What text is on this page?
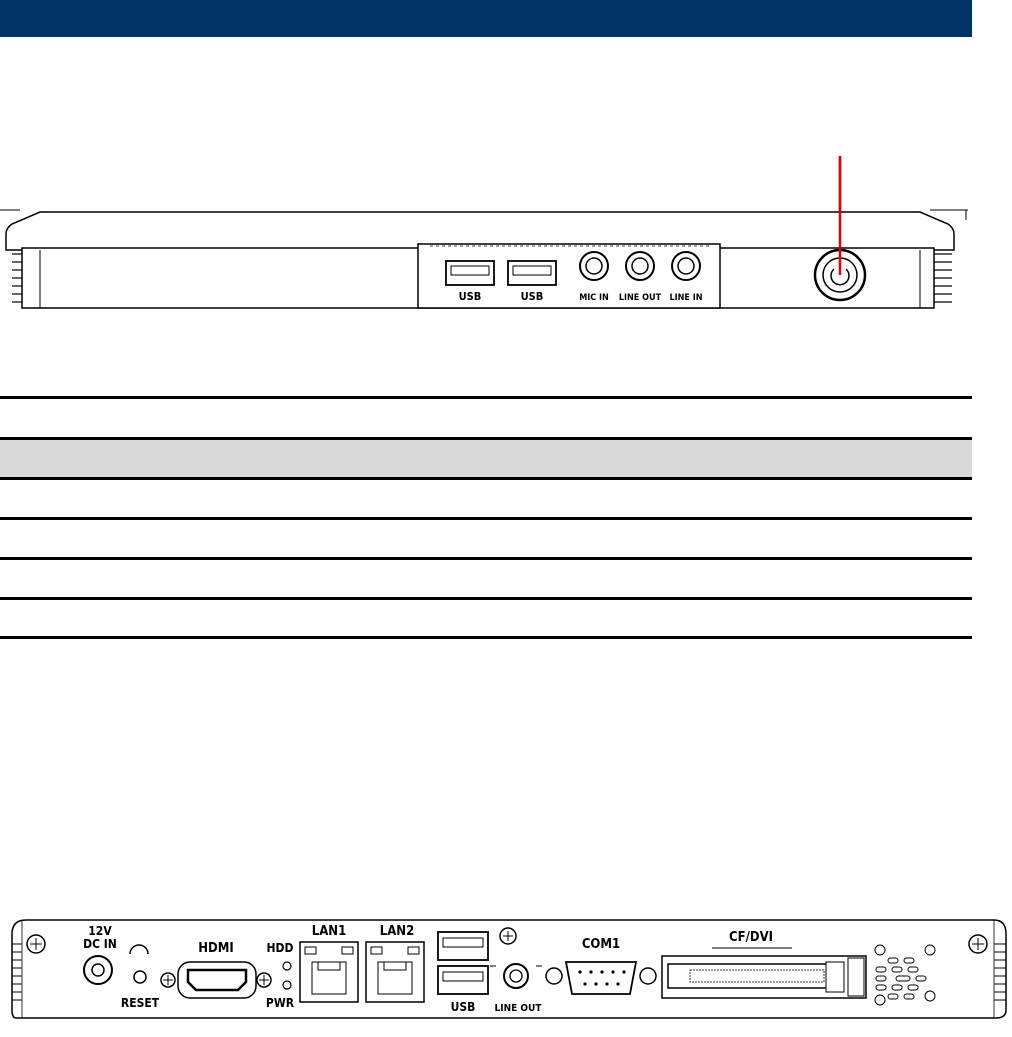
USB	USB	MIC IN LINE OUT LINE IN
12V
DC IN
RESET
HDMI	HDD
PWR
LAN1	LAN2
USB LINE OUT
COM1	CF/DVI
